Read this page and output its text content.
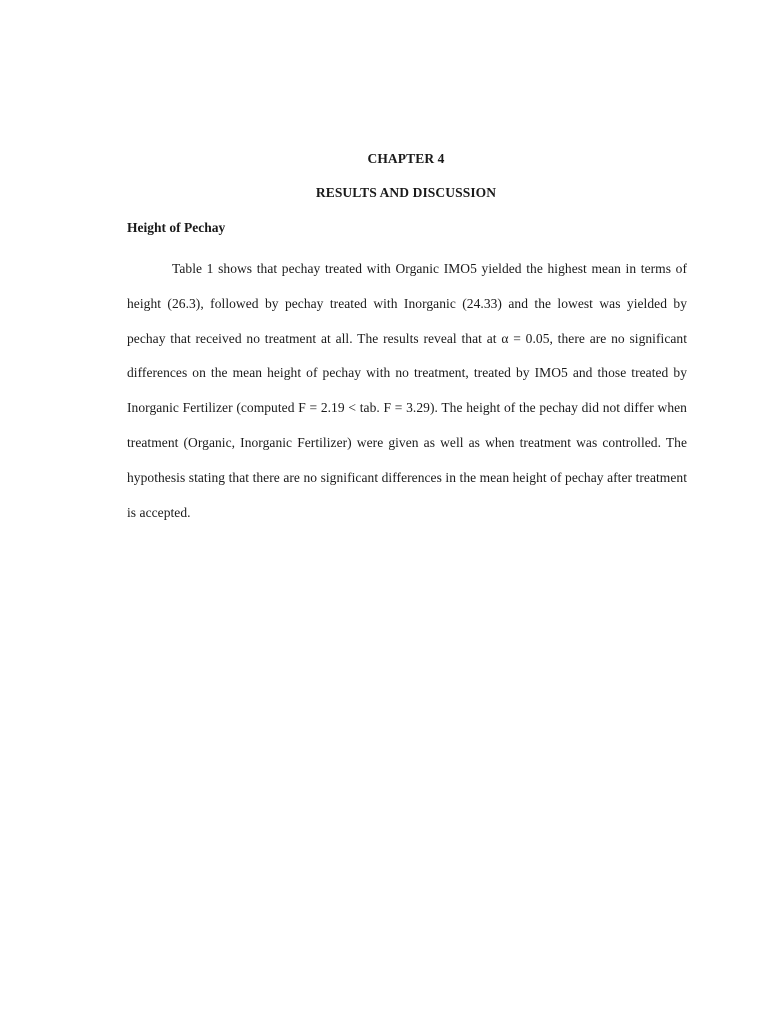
CHAPTER 4
RESULTS AND DISCUSSION
Height of Pechay

Table 1 shows that pechay treated with Organic IMO5 yielded the highest mean in terms of height (26.3), followed by pechay treated with Inorganic (24.33) and the lowest was yielded by pechay that received no treatment at all. The results reveal that at α = 0.05, there are no significant differences on the mean height of pechay with no treatment, treated by IMO5 and those treated by Inorganic Fertilizer (computed F = 2.19 < tab. F = 3.29). The height of the pechay did not differ when treatment (Organic, Inorganic Fertilizer) were given as well as when treatment was controlled. The hypothesis stating that there are no significant differences in the mean height of pechay after treatment is accepted.
